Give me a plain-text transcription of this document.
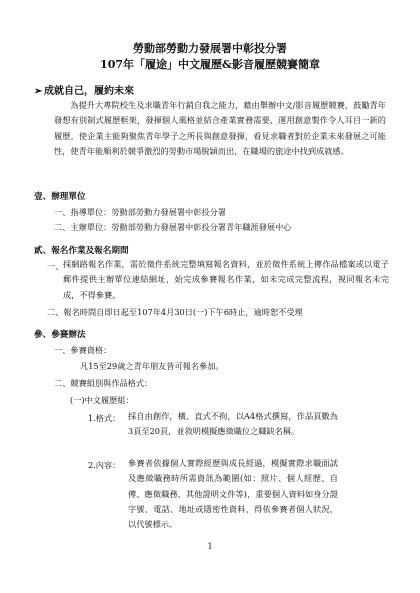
勞動部勞動力發展署中彰投分署
107年「履途」中文履歷&影音履歷競賽簡章
➢ 成就自己，履約未來
為提升大專院校生及求職青年行銷自我之能力，藉由舉辦中文/影音履歷競賽，鼓勵青年發想有別制式履歷框架，發揮個人風格並結合產業實務需要，運用創意製作令人耳目一新的履歷，使企業主能夠聚焦青年學子之所長與創意發揮，看見求職者對於企業未來發展之可能性，使青年能順利於競爭激烈的勞動市場脫穎而出，在職場的旅途中找到成就感。
壹、辦理單位
一、指導單位：勞動部勞動力發展署中彰投分署
二、主辦單位：勞動部勞動力發展署中彰投分署青年職涯發展中心
貳、報名作業及報名期間
一、 採網路報名作業，需於徵件系統完整填寫報名資料，並於徵件系統上傳作品檔案或以電子郵件提供主辦單位連結網址，始完成參賽報名作業，如未完成完整流程，視同報名未完成，不得參賽。
二、報名時間自即日起至107年4月30日(一)下午6時止，逾時恕不受理
參、參賽辦法
一、參賽資格：
凡15至29歲之青年朋友皆可報名參加。
二、競賽組別與作品格式：
(一)中文履歷組：
1.格式： 採自由創作，橫、直式不拘，以A4格式撰寫，作品頁數為3頁至20頁，並敘明模擬應徵職位之職缺名稱。
2.內容： 參賽者依據個人實際經歷與成長經過，模擬實際求職面試及應徵職務時所需資訊為範圍(如：照片、個人經歷、自傳、應徵職務、其他證明文件等)，重要個人資料如身分證字號、電話、地址或隱密性資料，得依參賽者個人狀況，以代號標示。
1
